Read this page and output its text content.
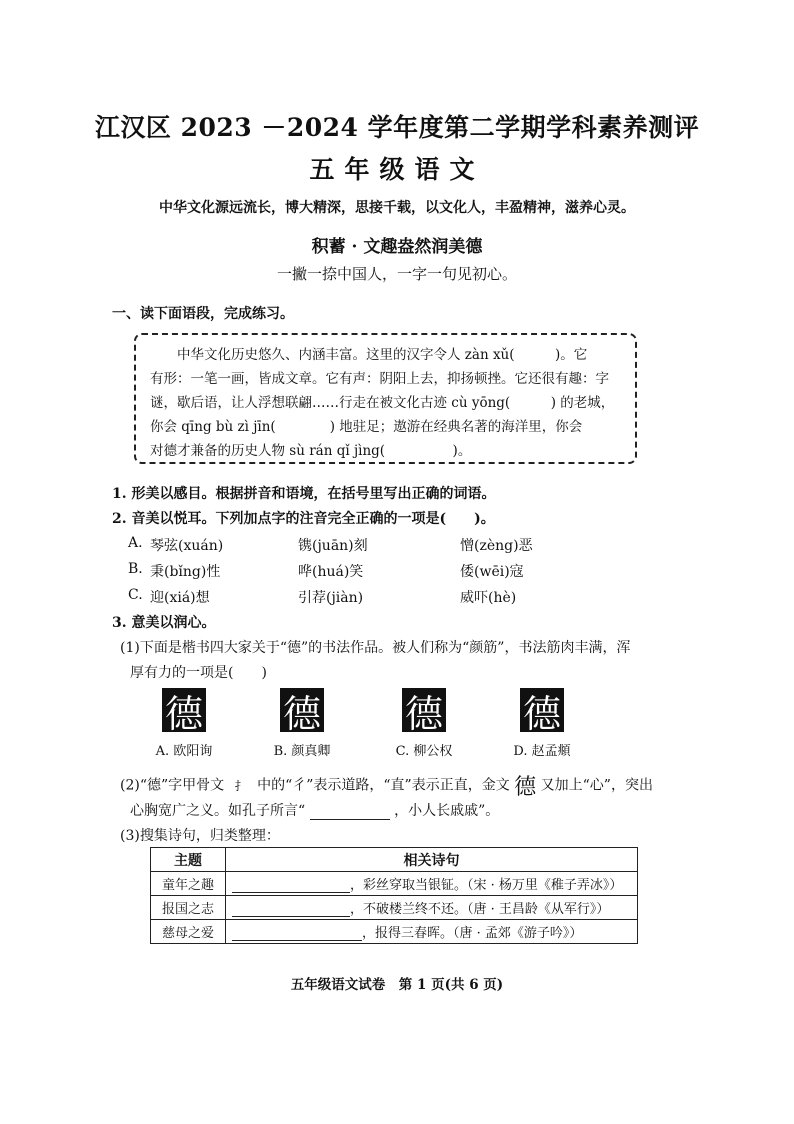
江汉区 2023 －2024 学年度第二学期学科素养测评
五年级语文
中华文化源远流长，博大精深，思接千载，以文化人，丰盈精神，滋养心灵。
积蓄 · 文趣盎然润美德
一撇一捺中国人，一字一句见初心。
一、读下面语段，完成练习。

中华文化历史悠久、内涵丰富。这里的汉字令人 zàn xǔ(　　　)。它

有形：一笔一画，皆成文章。它有声：阴阳上去，抑扬顿挫。它还很有趣：字

谜，歇后语，让人浮想联翩……行走在被文化古迹 cù yōng(　　　) 的老城，

你会 qīng bù zì jīn(　　　　) 地驻足；遨游在经典名著的海洋里，你会

对德才兼备的历史人物 sù rán qǐ jìng(　　　　　)。

1. 形美以感目。根据拼音和语境，在括号里写出正确的词语。
2. 音美以悦耳。下列加点字的注音完全正确的一项是(　　)。
A. 琴弦(xuán)	镌(juān)刻	憎(zèng)恶
B. 秉(bǐng)性	哗(huá)笑	倭(wēi)寇
C. 迎(xiá)想	引荐(jiàn)	威吓(hè)
3. 意美以润心。
(1)下面是楷书四大家关于“德”的书法作品。被人们称为“颜筋”，书法筋肉丰满，浑
厚有力的一项是(　　)
德 德 德 德
A. 欧阳询	B. 颜真卿	C. 柳公权	D. 赵孟頫
(2)“德”字甲骨文 ⺘ 中的“彳”表示道路，“直”表示正直，金文 德 又加上“心”，突出
心胸宽广之义。如孔子所言“	，小人长戚戚”。
(3)搜集诗句，归类整理：
主题	相关诗句
童年之趣	，彩丝穿取当银钲。（宋 · 杨万里《稚子弄冰》）
报国之志	，不破楼兰终不还。（唐 · 王昌龄《从军行》）
慈母之爱	，报得三春晖。（唐 · 孟郊《游子吟》）
五年级语文试卷　第 1 页(共 6 页)
